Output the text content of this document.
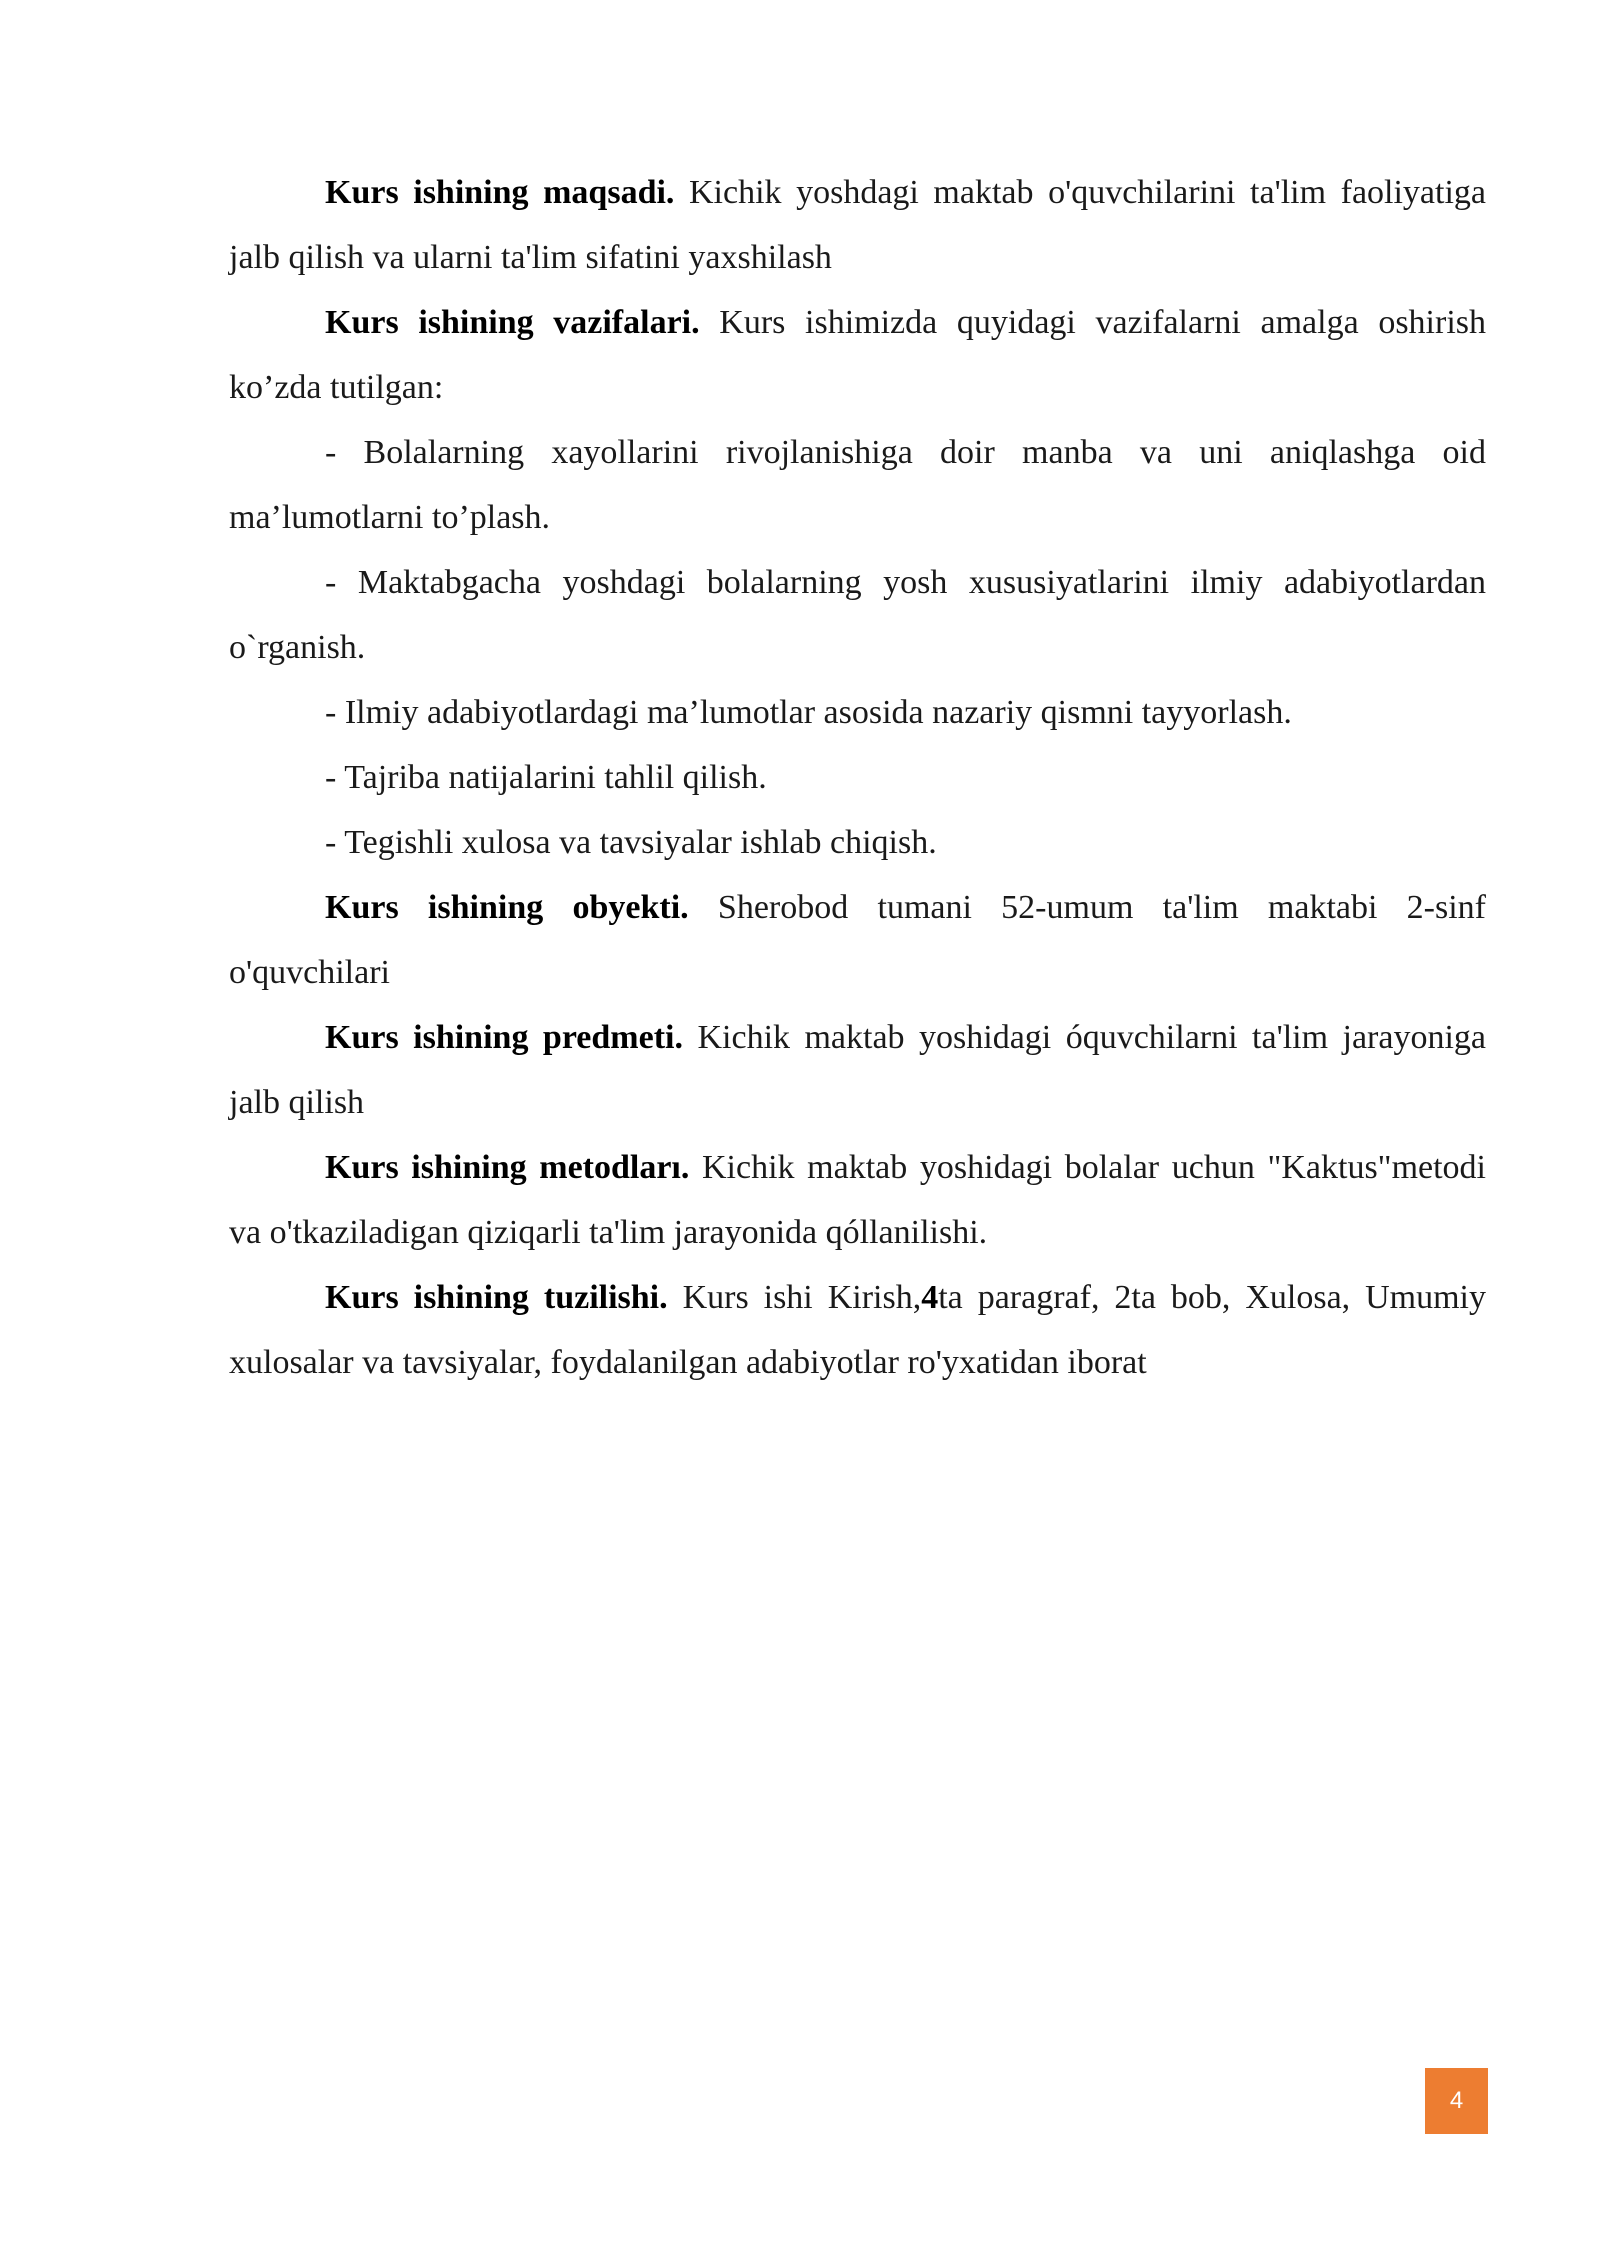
Kurs ishining maqsadi. Kichik yoshdagi maktab o'quvchilarini ta'lim faoliyatiga jalb qilish va ularni ta'lim sifatini yaxshilash

Kurs ishining vazifalari. Kurs ishimizda quyidagi vazifalarni amalga oshirish ko’zda tutilgan:

- Bolalarning xayollarini rivojlanishiga doir manba va uni aniqlashga oid ma’lumotlarni to’plash.

- Maktabgacha yoshdagi bolalarning yosh xususiyatlarini ilmiy adabiyotlardan o`rganish.

- Ilmiy adabiyotlardagi ma’lumotlar asosida nazariy qismni tayyorlash.

- Tajriba natijalarini tahlil qilish.

- Tegishli xulosa va tavsiyalar ishlab chiqish.

Kurs ishining obyekti. Sherobod tumani 52-umum ta'lim maktabi 2-sinf o'quvchilari

Kurs ishining predmeti. Kichik maktab yoshidagi óquvchilarni ta'lim jarayoniga jalb qilish

Kurs ishining metodları. Kichik maktab yoshidagi bolalar uchun "Kaktus"metodi va o'tkaziladigan qiziqarli ta'lim jarayonida qóllanilishi.

Kurs ishining tuzilishi. Kurs ishi Kirish,4ta paragraf, 2ta bob, Xulosa, Umumiy xulosalar va tavsiyalar, foydalanilgan adabiyotlar ro'yxatidan iborat

4
